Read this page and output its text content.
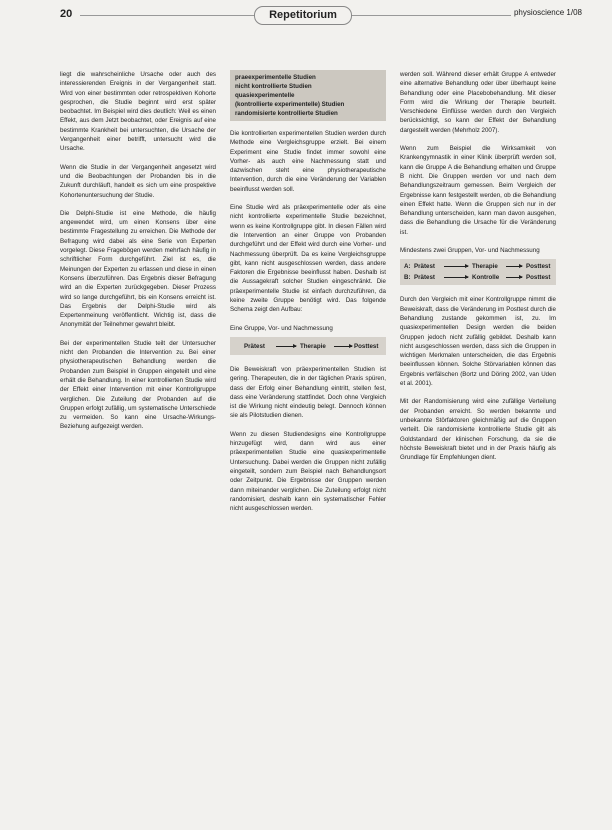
20	Repetitorium	physioscience 1/08

liegt die wahrscheinliche Ursache oder auch des interessierenden Ereignis in der Vergangenheit statt. Wird von einer bestimmten oder retrospektiven Kohorte gesprochen, die Studie beginnt wird erst später beobachtet. Im Beispiel wird dies deutlich: Weil es einen Effekt, aus dem Jetzt beobachtet, oder Ereignis auf eine bestimmte Krankheit bei untersuchten, die Ursache der Vergangenheit einer betrifft, untersucht wird die Ursache.

Wenn die Studie in der Vergangenheit angesetzt wird und die Beobachtungen der Probanden bis in die Zukunft durchläuft, handelt es sich um eine prospektive Kohortenuntersuchung der Studie.

Die Delphi-Studie ist eine Methode, die häufig angewendet wird, um einen Konsens über eine bestimmte Fragestellung zu erreichen. Die Methode der Befragung wird dabei als eine Serie von Experten vorgelegt. Diese Fragebögen werden mehrfach häufig in schriftlicher Form durchgeführt. Ziel ist es, die Meinungen der Experten zu erfassen und diese in einen Konsens überzuführen. Das Ergebnis dieser Befragung wird an die Experten zurückgegeben. Dieser Prozess wird so lange durchgeführt, bis ein Konsens erreicht ist. Das Ergebnis der Delphi-Studie wird als Expertenmeinung veröffentlicht. Wichtig ist, dass die Anonymität der Teilnehmer gewahrt bleibt.

Bei der experimentellen Studie teilt der Untersucher nicht den Probanden die Intervention zu. Bei einer physiotherapeutischen Behandlung werden die Probanden zum Beispiel in Gruppen eingeteilt und eine erhält die Behandlung. In einer kontrollierten Studie wird der Effekt einer Intervention mit einer Kontrollgruppe verglichen. Die Zuteilung der Probanden auf die Gruppen erfolgt zufällig, um systematische Unterschiede zu vermeiden. So kann eine Ursache-Wirkungs-Beziehung aufgezeigt werden.

praeexperimentelle Studien
nicht kontrollierte Studien
quasiexperimentelle
(kontrollierte experimentelle) Studien
randomisierte kontrollierte Studien

Die kontrollierten experimentellen Studien werden durch Methode eine Vergleichsgruppe erzielt. Bei einem Experiment eine Studie findet immer sowohl eine Vorher- als auch eine Nachmessung statt und dazwischen steht eine physiotherapeutische Intervention, durch die eine Veränderung der Variablen beeinflusst werden soll.

Eine Studie wird als präexperimentelle oder als eine nicht kontrollierte experimentelle Studie bezeichnet, wenn es keine Kontrollgruppe gibt. In diesen Fällen wird die Intervention an einer Gruppe von Probanden durchgeführt und der Effekt wird durch eine Vorher- und Nachmessung überprüft. Da es keine Vergleichsgruppe gibt, kann nicht ausgeschlossen werden, dass andere Faktoren die Ergebnisse beeinflusst haben. Deshalb ist die Aussagekraft solcher Studien eingeschränkt. Die präexperimentelle Studie ist einfach durchzuführen, da keine zweite Gruppe benötigt wird. Das folgende Schema zeigt den Aufbau:

Eine Gruppe, Vor- und Nachmessung

Prätest	Therapie	Posttest

Die Beweiskraft von präexperimentellen Studien ist gering. Therapeuten, die in der täglichen Praxis spüren, dass der Erfolg einer Behandlung eintritt, stellen fest, dass eine Veränderung stattfindet. Doch ohne Vergleich ist die Wirkung nicht eindeutig belegt. Dennoch können sie als Pilotstudien dienen.

Wenn zu diesen Studiendesigns eine Kontrollgruppe hinzugefügt wird, dann wird aus einer präexperimentellen Studie eine quasiexperimentelle Untersuchung. Dabei werden die Gruppen nicht zufällig eingeteilt, sondern zum Beispiel nach Behandlungsort oder Zeitpunkt. Die Ergebnisse der Gruppen werden dann miteinander verglichen. Die Zuteilung erfolgt nicht randomisiert, deshalb kann ein systematischer Fehler nicht ausgeschlossen werden.

werden soll. Während dieser erhält Gruppe A entweder eine alternative Behandlung oder über überhaupt keine Behandlung oder eine Placebobehandlung. Mit dieser Form wird die Wirkung der Therapie beurteilt. Verschiedene Einflüsse werden durch den Vergleich berücksichtigt, so kann der Effekt der Behandlung dargestellt werden (Mehrholz 2007).

Wenn zum Beispiel die Wirksamkeit von Krankengymnastik in einer Klinik überprüft werden soll, kann die Gruppe A die Behandlung erhalten und Gruppe B nicht. Die Gruppen werden vor und nach dem Behandlungszeitraum gemessen. Beim Vergleich der Ergebnisse kann festgestellt werden, ob die Behandlung einen Effekt hatte. Wenn die Gruppen sich nur in der Behandlung unterscheiden, kann man davon ausgehen, dass die Behandlung die Ursache für die Veränderung ist.

Mindestens zwei Gruppen, Vor- und Nachmessung

A: Prätest	Therapie	Posttest
B: Prätest	Kontrolle	Posttest

Durch den Vergleich mit einer Kontrollgruppe nimmt die Beweiskraft, dass die Veränderung im Posttest durch die Behandlung zustande gekommen ist, zu. Im quasiexperimentellen Design werden die beiden Gruppen jedoch nicht zufällig gebildet. Deshalb kann nicht ausgeschlossen werden, dass sich die Gruppen in wichtigen Merkmalen unterscheiden, die das Ergebnis beeinflussen können. Solche Störvariablen können das Ergebnis verfälschen (Bortz und Döring 2002, van Uden et al. 2001).

Mit der Randomisierung wird eine zufällige Verteilung der Probanden erreicht. So werden bekannte und unbekannte Störfaktoren gleichmäßig auf die Gruppen verteilt. Die randomisierte kontrollierte Studie gilt als Goldstandard der klinischen Forschung, da sie die höchste Beweiskraft bietet und in der Praxis häufig als Grundlage für Empfehlungen dient.
